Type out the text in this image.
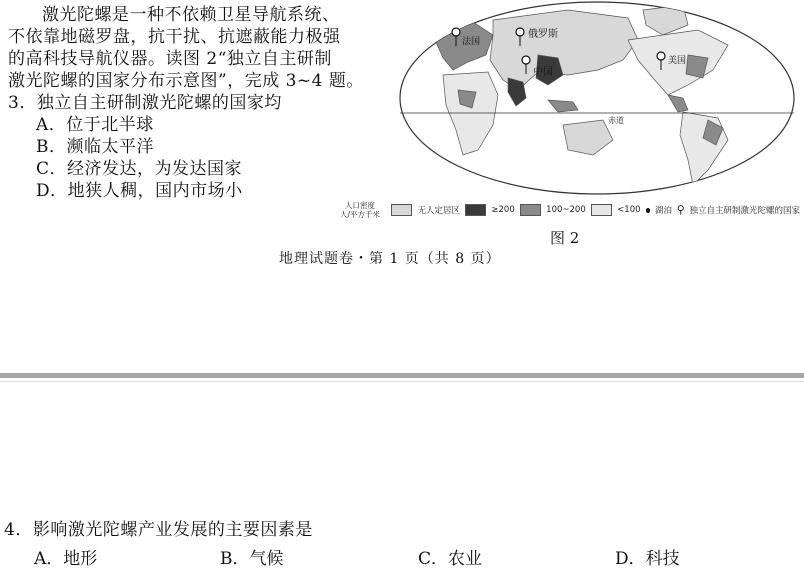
激光陀螺是一种不依赖卫星导航系统、
不依靠地磁罗盘，抗干扰、抗遮蔽能力极强
的高科技导航仪器。读图 2“独立自主研制
激光陀螺的国家分布示意图”，完成 3~4 题。
3．独立自主研制激光陀螺的国家均
A．位于北半球
B．濒临太平洋
C．经济发达，为发达国家
D．地狭人稠，国内市场小
赤道
法国
俄罗斯
中国
美国
人口密度
人/平方千米	无人定居区	≥200	100~200	<100 湖泊 独立自主研制激光陀螺的国家
图 2
地理试题卷・第 1 页（共 8 页）
4．影响激光陀螺产业发展的主要因素是
A．地形	B．气候	C．农业	D．科技
